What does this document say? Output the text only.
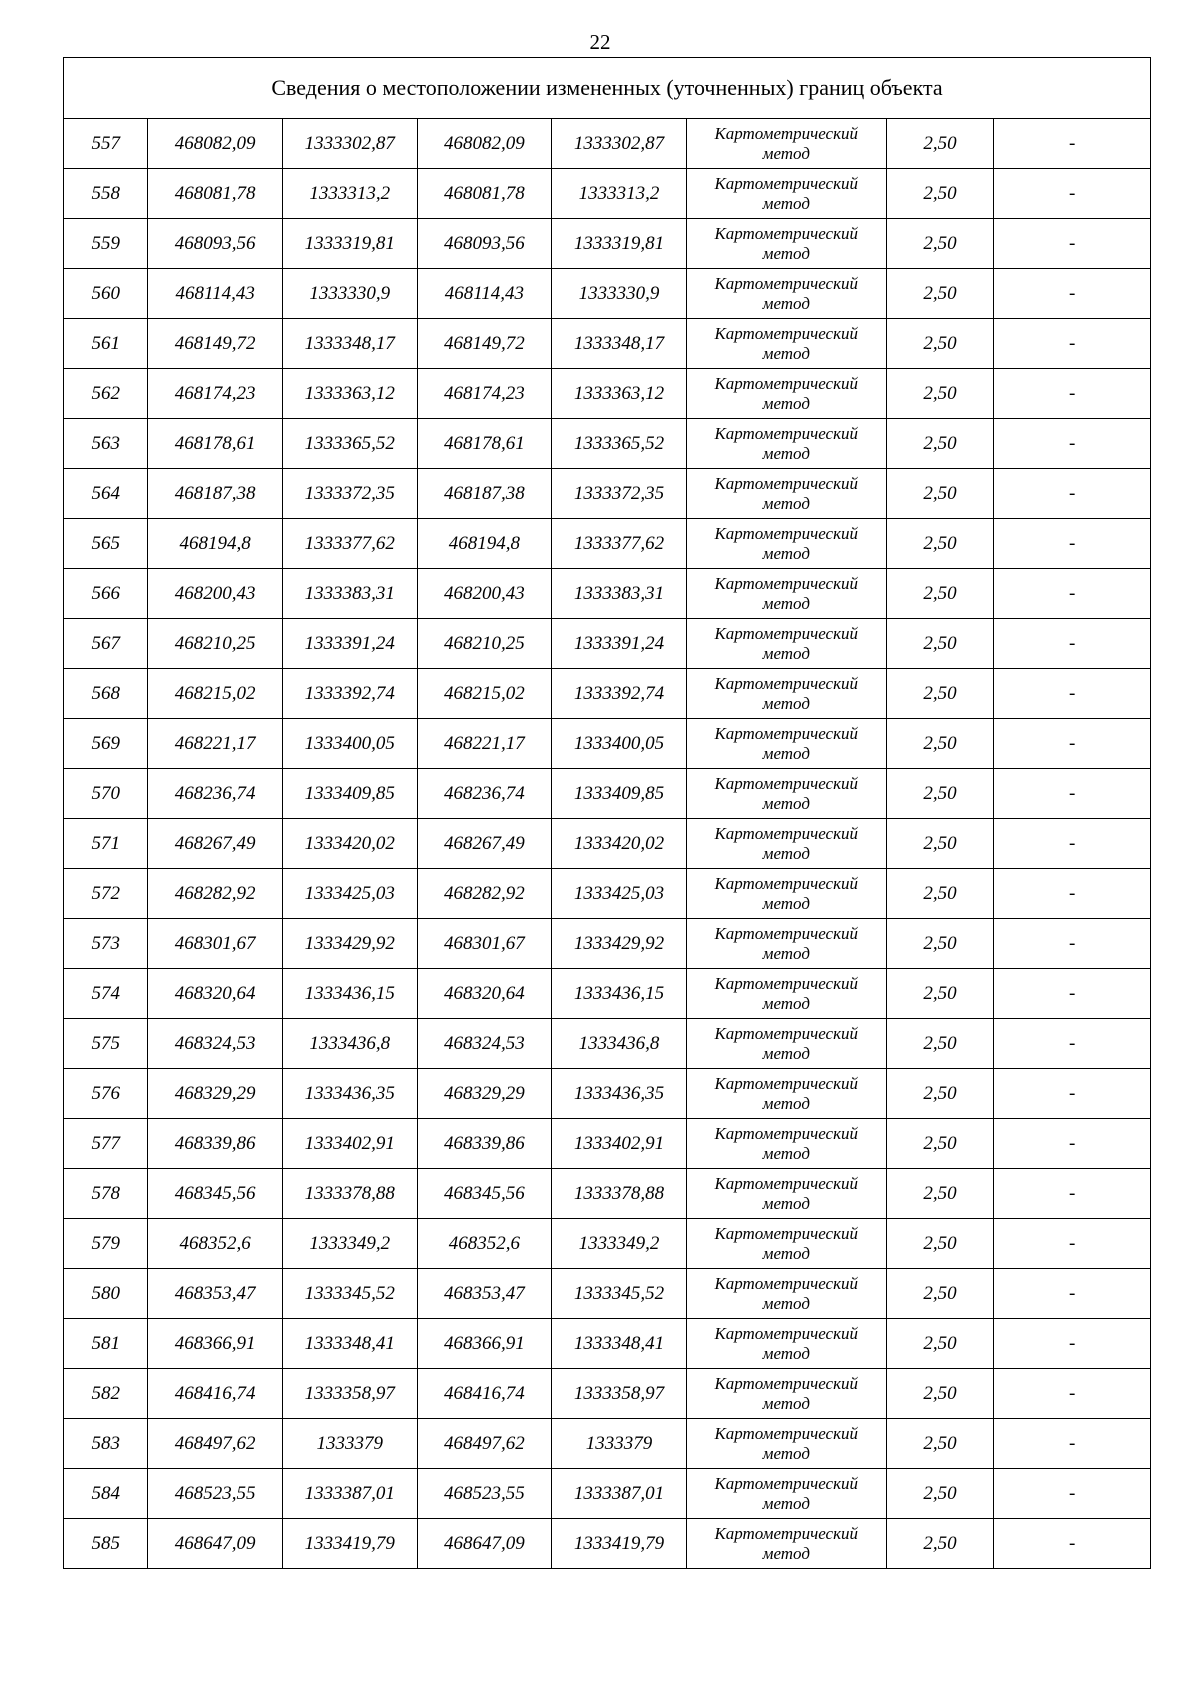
22
Сведения о местоположении измененных (уточненных) границ объекта							
557	468082,09	1333302,87	468082,09	1333302,87	Картометрический
метод	2,50	-
558	468081,78	1333313,2	468081,78	1333313,2	Картометрический
метод	2,50	-
559	468093,56	1333319,81	468093,56	1333319,81	Картометрический
метод	2,50	-
560	468114,43	1333330,9	468114,43	1333330,9	Картометрический
метод	2,50	-
561	468149,72	1333348,17	468149,72	1333348,17	Картометрический
метод	2,50	-
562	468174,23	1333363,12	468174,23	1333363,12	Картометрический
метод	2,50	-
563	468178,61	1333365,52	468178,61	1333365,52	Картометрический
метод	2,50	-
564	468187,38	1333372,35	468187,38	1333372,35	Картометрический
метод	2,50	-
565	468194,8	1333377,62	468194,8	1333377,62	Картометрический
метод	2,50	-
566	468200,43	1333383,31	468200,43	1333383,31	Картометрический
метод	2,50	-
567	468210,25	1333391,24	468210,25	1333391,24	Картометрический
метод	2,50	-
568	468215,02	1333392,74	468215,02	1333392,74	Картометрический
метод	2,50	-
569	468221,17	1333400,05	468221,17	1333400,05	Картометрический
метод	2,50	-
570	468236,74	1333409,85	468236,74	1333409,85	Картометрический
метод	2,50	-
571	468267,49	1333420,02	468267,49	1333420,02	Картометрический
метод	2,50	-
572	468282,92	1333425,03	468282,92	1333425,03	Картометрический
метод	2,50	-
573	468301,67	1333429,92	468301,67	1333429,92	Картометрический
метод	2,50	-
574	468320,64	1333436,15	468320,64	1333436,15	Картометрический
метод	2,50	-
575	468324,53	1333436,8	468324,53	1333436,8	Картометрический
метод	2,50	-
576	468329,29	1333436,35	468329,29	1333436,35	Картометрический
метод	2,50	-
577	468339,86	1333402,91	468339,86	1333402,91	Картометрический
метод	2,50	-
578	468345,56	1333378,88	468345,56	1333378,88	Картометрический
метод	2,50	-
579	468352,6	1333349,2	468352,6	1333349,2	Картометрический
метод	2,50	-
580	468353,47	1333345,52	468353,47	1333345,52	Картометрический
метод	2,50	-
581	468366,91	1333348,41	468366,91	1333348,41	Картометрический
метод	2,50	-
582	468416,74	1333358,97	468416,74	1333358,97	Картометрический
метод	2,50	-
583	468497,62	1333379	468497,62	1333379	Картометрический
метод	2,50	-
584	468523,55	1333387,01	468523,55	1333387,01	Картометрический
метод	2,50	-
585	468647,09	1333419,79	468647,09	1333419,79	Картометрический
метод	2,50	-
